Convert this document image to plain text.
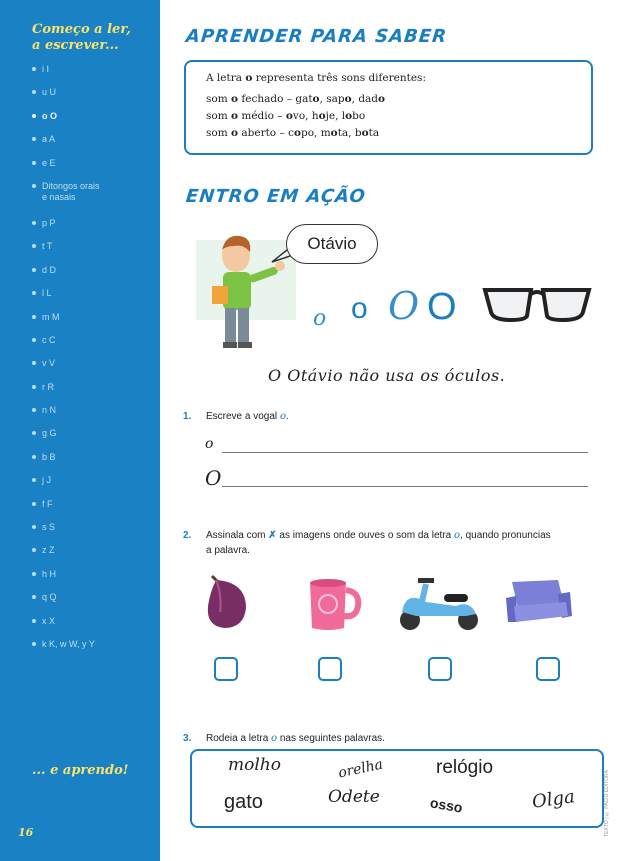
Começo a ler,
a escrever...
i I
u U
o O
a A
e E
Ditongos orais
e nasais
p P
t T
d D
l L
m M
c C
v V
r R
n N
g G
b B
j J
f F
s S
z Z
h H
q Q
x X
k K, w W, y Y
... e aprendo!
16
APRENDER PARA SABER
A letra o representa três sons diferentes:
som o fechado – gato, sapo, dado
som o médio – ovo, hoje, lobo
som o aberto – copo, mota, bota
ENTRO EM AÇÃO
Otávio
o o O O
O Otávio não usa os óculos.
1. Escreve a vogal o.
o
O
2. Assinala com ✗ as imagens onde ouves o som da letra o, quando pronuncias
a palavra.
3. Rodeia a letra o nas seguintes palavras.
molho	orelha	relógio
gato	Odete	osso	Olga	TEXTO | © PACIO EDITORA
